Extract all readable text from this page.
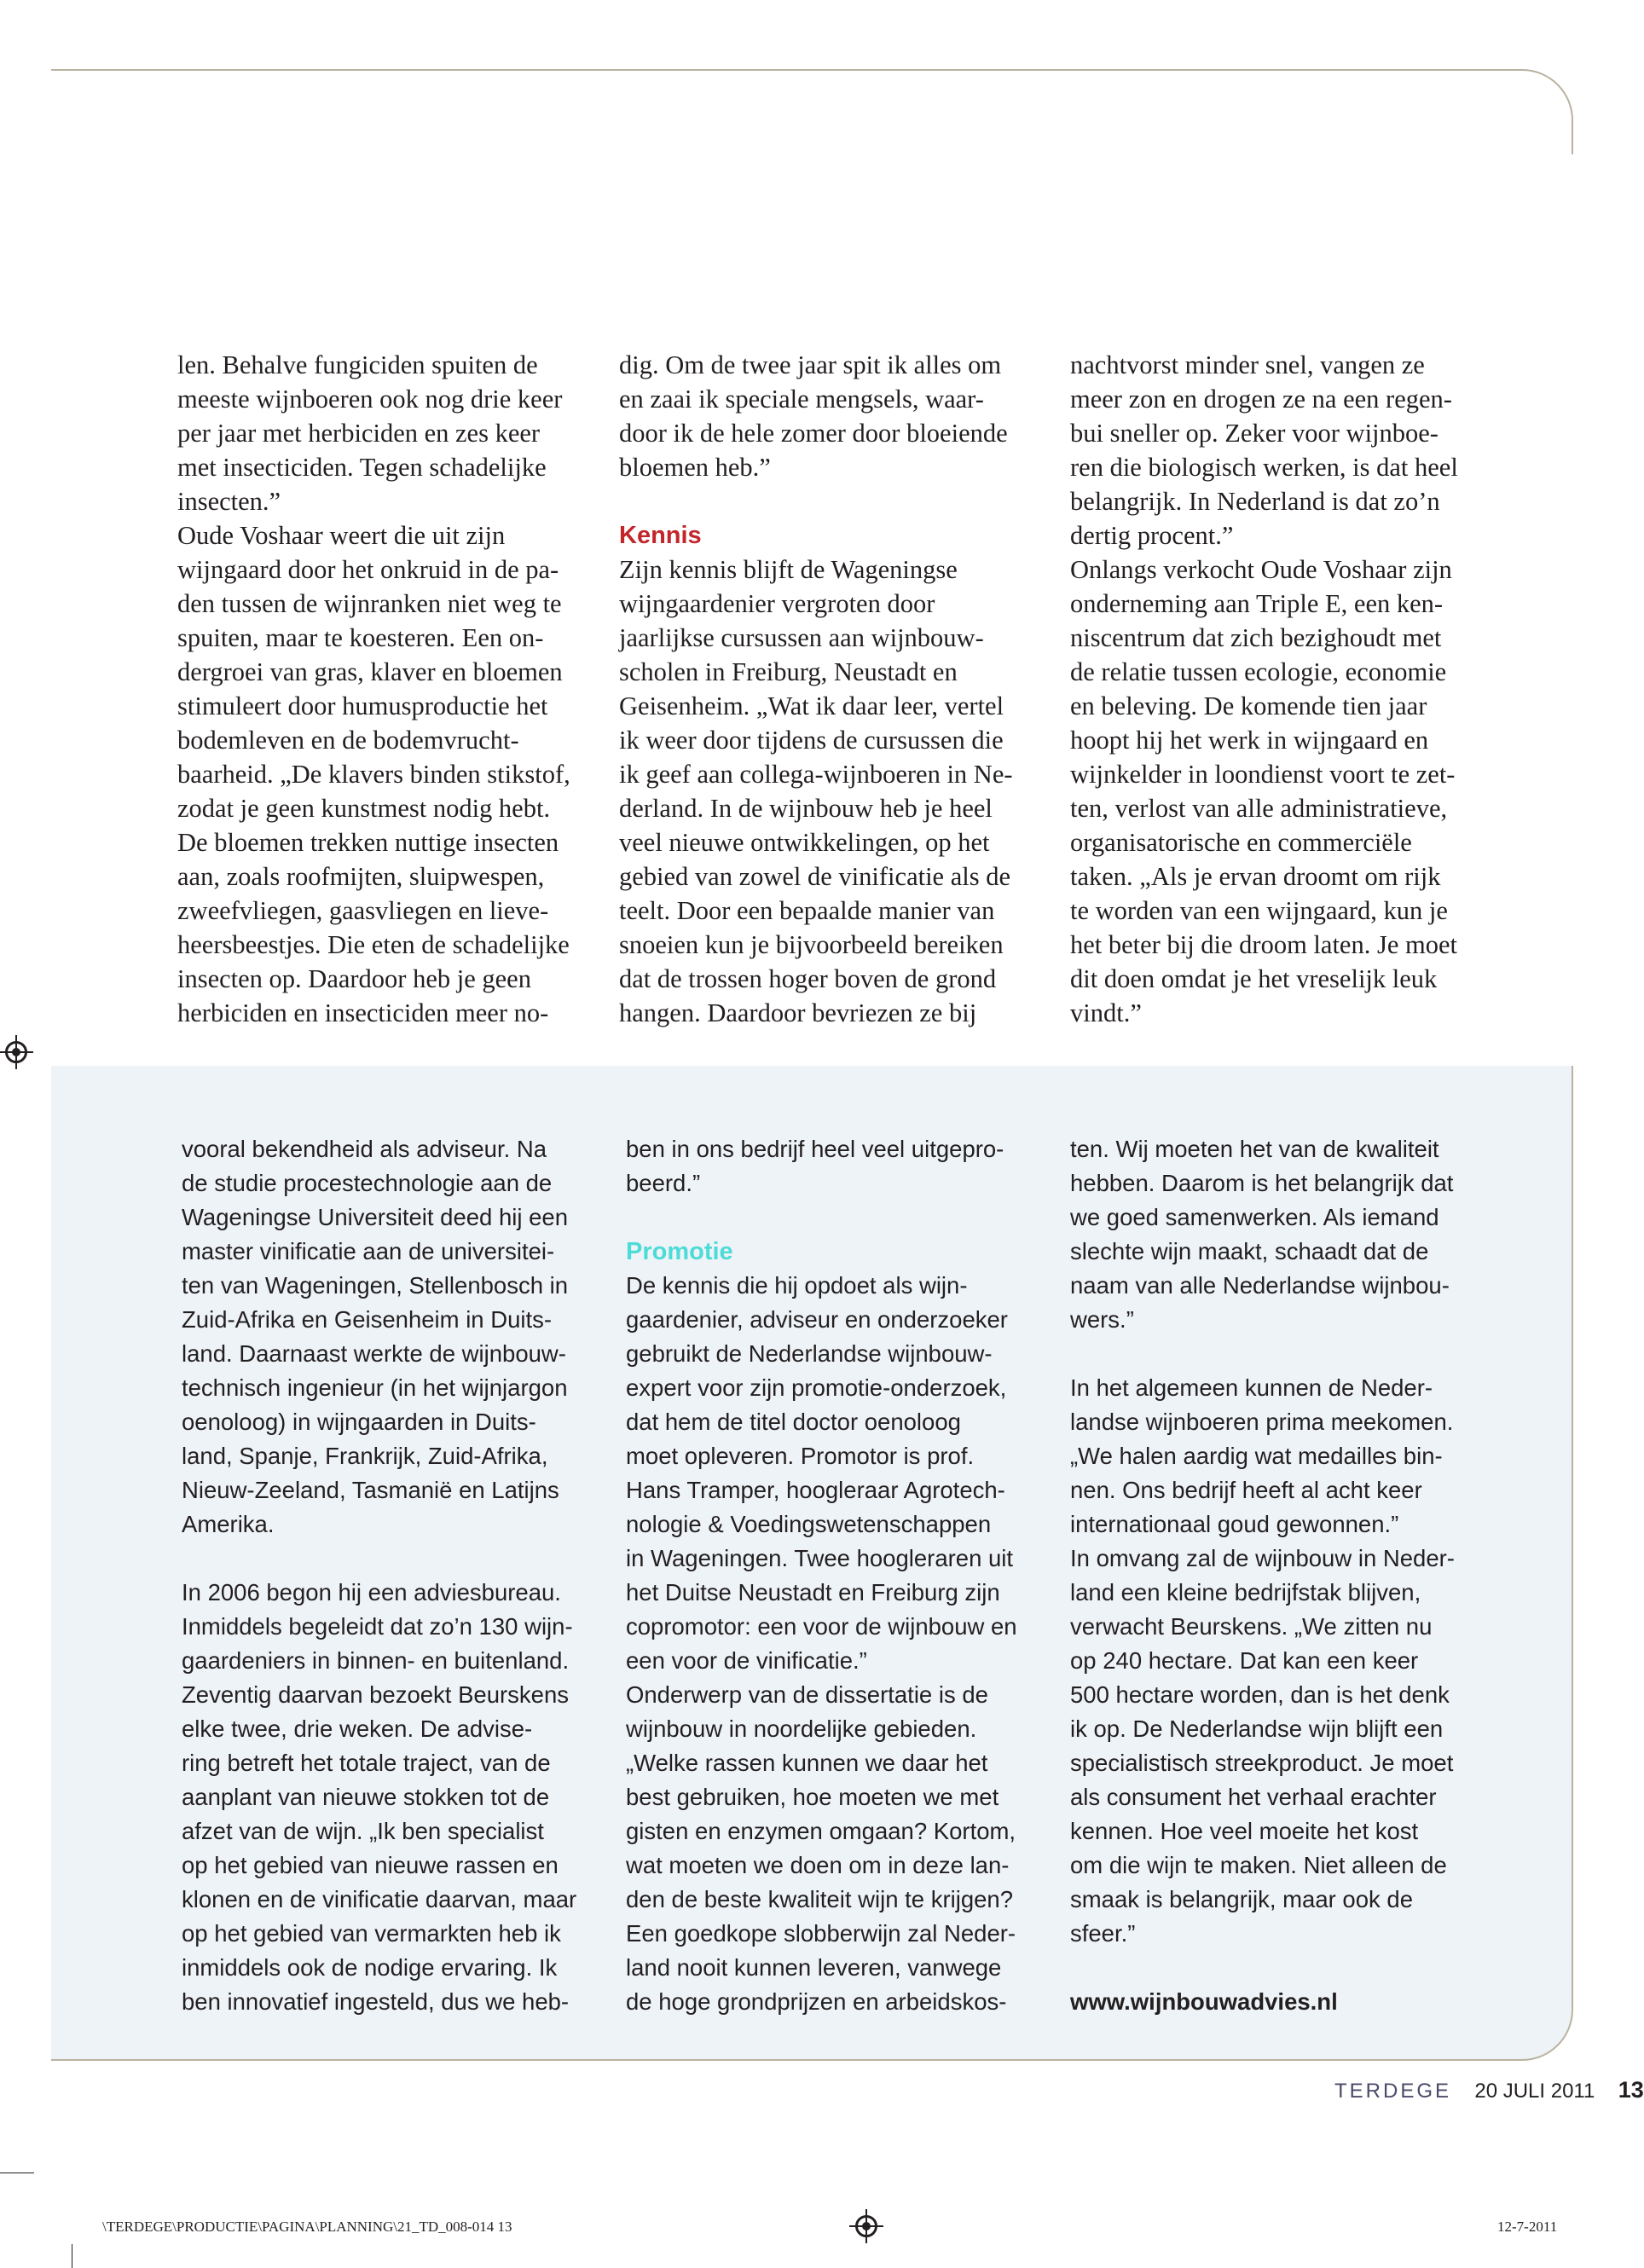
len. Behalve fungiciden spuiten de
meeste wijnboeren ook nog drie keer
per jaar met herbiciden en zes keer
met insecticiden. Tegen schadelijke
insecten.”
Oude Voshaar weert die uit zijn
wijngaard door het onkruid in de pa-
den tussen de wijnranken niet weg te
spuiten, maar te koesteren. Een on-
dergroei van gras, klaver en bloemen
stimuleert door humusproductie het
bodemleven en de bodemvrucht-
baarheid. „De klavers binden stikstof,
zodat je geen kunstmest nodig hebt.
De bloemen trekken nuttige insecten
aan, zoals roofmijten, sluipwespen,
zweefvliegen, gaasvliegen en lieve-
heersbeestjes. Die eten de schadelijke
insecten op. Daardoor heb je geen
herbiciden en insecticiden meer no-
dig. Om de twee jaar spit ik alles om
en zaai ik speciale mengsels, waar-
door ik de hele zomer door bloeiende
bloemen heb.”
Kennis
Zijn kennis blijft de Wageningse
wijngaardenier vergroten door
jaarlijkse cursussen aan wijnbouw-
scholen in Freiburg, Neustadt en
Geisenheim. „Wat ik daar leer, vertel
ik weer door tijdens de cursussen die
ik geef aan collega-wijnboeren in Ne-
derland. In de wijnbouw heb je heel
veel nieuwe ontwikkelingen, op het
gebied van zowel de vinificatie als de
teelt. Door een bepaalde manier van
snoeien kun je bijvoorbeeld bereiken
dat de trossen hoger boven de grond
hangen. Daardoor bevriezen ze bij
nachtvorst minder snel, vangen ze
meer zon en drogen ze na een regen-
bui sneller op. Zeker voor wijnboe-
ren die biologisch werken, is dat heel
belangrijk. In Nederland is dat zo’n
dertig procent.”
Onlangs verkocht Oude Voshaar zijn
onderneming aan Triple E, een ken-
niscentrum dat zich bezighoudt met
de relatie tussen ecologie, economie
en beleving. De komende tien jaar
hoopt hij het werk in wijngaard en
wijnkelder in loondienst voort te zet-
ten, verlost van alle administratieve,
organisatorische en commerciële
taken. „Als je ervan droomt om rijk
te worden van een wijngaard, kun je
het beter bij die droom laten. Je moet
dit doen omdat je het vreselijk leuk
vindt.”
vooral bekendheid als adviseur. Na
de studie procestechnologie aan de
Wageningse Universiteit deed hij een
master vinificatie aan de universitei-
ten van Wageningen, Stellenbosch in
Zuid-Afrika en Geisenheim in Duits-
land. Daarnaast werkte de wijnbouw-
technisch ingenieur (in het wijnjargon
oenoloog) in wijngaarden in Duits-
land, Spanje, Frankrijk, Zuid-Afrika,
Nieuw-Zeeland, Tasmanië en Latijns
Amerika.
In 2006 begon hij een adviesbureau.
Inmiddels begeleidt dat zo’n 130 wijn-
gaardeniers in binnen- en buitenland.
Zeventig daarvan bezoekt Beurskens
elke twee, drie weken. De advise-
ring betreft het totale traject, van de
aanplant van nieuwe stokken tot de
afzet van de wijn. „Ik ben specialist
op het gebied van nieuwe rassen en
klonen en de vinificatie daarvan, maar
op het gebied van vermarkten heb ik
inmiddels ook de nodige ervaring. Ik
ben innovatief ingesteld, dus we heb-
ben in ons bedrijf heel veel uitgepro-
beerd.”
Promotie
De kennis die hij opdoet als wijn-
gaardenier, adviseur en onderzoeker
gebruikt de Nederlandse wijnbouw-
expert voor zijn promotie-onderzoek,
dat hem de titel doctor oenoloog
moet opleveren. Promotor is prof.
Hans Tramper, hoogleraar Agrotech-
nologie & Voedingswetenschappen
in Wageningen. Twee hoogleraren uit
het Duitse Neustadt en Freiburg zijn
copromotor: een voor de wijnbouw en
een voor de vinificatie.”
Onderwerp van de dissertatie is de
wijnbouw in noordelijke gebieden.
„Welke rassen kunnen we daar het
best gebruiken, hoe moeten we met
gisten en enzymen omgaan? Kortom,
wat moeten we doen om in deze lan-
den de beste kwaliteit wijn te krijgen?
Een goedkope slobberwijn zal Neder-
land nooit kunnen leveren, vanwege
de hoge grondprijzen en arbeidskos-
ten. Wij moeten het van de kwaliteit
hebben. Daarom is het belangrijk dat
we goed samenwerken. Als iemand
slechte wijn maakt, schaadt dat de
naam van alle Nederlandse wijnbou-
wers.”
In het algemeen kunnen de Neder-
landse wijnboeren prima meekomen.
„We halen aardig wat medailles bin-
nen. Ons bedrijf heeft al acht keer
internationaal goud gewonnen.”
In omvang zal de wijnbouw in Neder-
land een kleine bedrijfstak blijven,
verwacht Beurskens. „We zitten nu
op 240 hectare. Dat kan een keer
500 hectare worden, dan is het denk
ik op. De Nederlandse wijn blijft een
specialistisch streekproduct. Je moet
als consument het verhaal erachter
kennen. Hoe veel moeite het kost
om die wijn te maken. Niet alleen de
smaak is belangrijk, maar ook de
sfeer.”
www.wijnbouwadvies.nl
TERDEGE 20 JULI 2011 13
\TERDEGE\PRODUCTIE\PAGINA\PLANNING\21_TD_008-014 13	12-7-2011
